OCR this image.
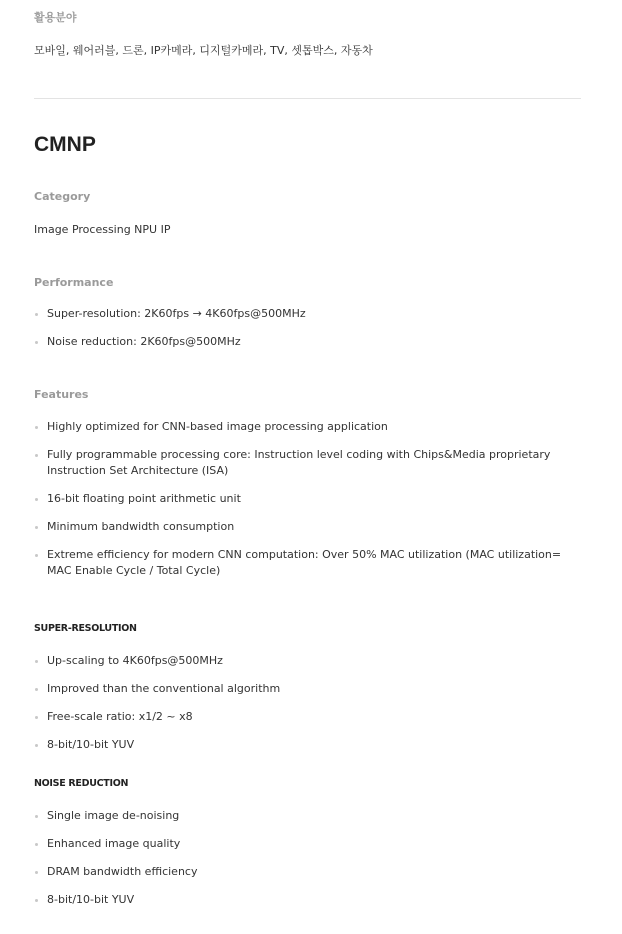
활용분야
모바일, 웨어러블, 드론, IP카메라, 디지털카메라, TV, 셋톱박스, 자동차
CMNP
Category
Image Processing NPU IP
Performance
Super-resolution: 2K60fps → 4K60fps@500MHz
Noise reduction: 2K60fps@500MHz
Features
Highly optimized for CNN-based image processing application
Fully programmable processing core: Instruction level coding with Chips&Media proprietary Instruction Set Architecture (ISA)
16-bit floating point arithmetic unit
Minimum bandwidth consumption
Extreme efficiency for modern CNN computation: Over 50% MAC utilization (MAC utilization= MAC Enable Cycle / Total Cycle)
SUPER-RESOLUTION
Up-scaling to 4K60fps@500MHz
Improved than the conventional algorithm
Free-scale ratio: x1/2 ~ x8
8-bit/10-bit YUV
NOISE REDUCTION
Single image de-noising
Enhanced image quality
DRAM bandwidth efficiency
8-bit/10-bit YUV
